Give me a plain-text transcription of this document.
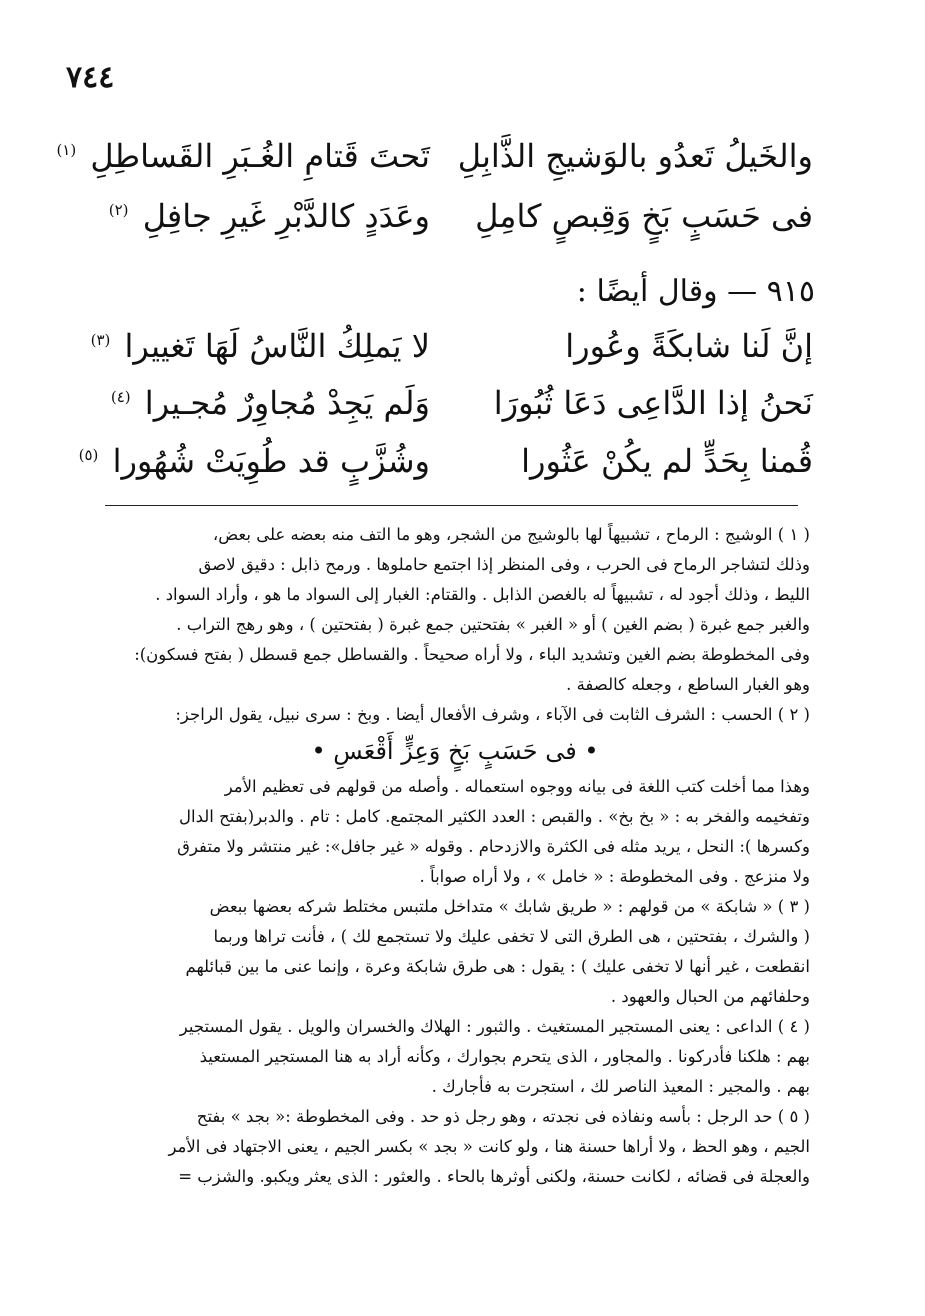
٧٤٤
والخَيلُ تَعدُو بالوَشيجِ الذَّابِلِ
تَحتَ قَتامِ الغُـبَرِ القَساطِلِ $^{(١)}$
فى حَسَبٍ بَخٍ وَقِبصٍ كامِلِ
وعَدَدٍ كالدَّبْرِ غَيرِ جافِلِ $^{(٢)}$
٩١٥ — وقال أيضًا :
إنَّ لَنا شابكَةً وعُورا
لا يَملِكُ النَّاسُ لَهَا تَغييرا $^{(٣)}$
نَحنُ إذا الدَّاعِى دَعَا ثُبُورَا
وَلَم يَجِدْ مُجاوِرٌ مُجـيرا $^{(٤)}$
قُمنا بِحَدٍّ لم يكُنْ عَثُورا
وشُزَّبٍ قد طُوِيَتْ شُهُورا $^{(٥)}$

( ١ ) الوشيج : الرماح ، تشبيهاً لها بالوشيج من الشجر، وهو ما التف منه بعضه على بعض،

وذلك لتشاجر الرماح فى الحرب ، وفى المنظر إذا اجتمع حاملوها . ورمح ذابل : دقيق لاصق

الليط ، وذلك أجود له ، تشبيهاً له بالغصن الذابل . والقتام: الغبار إلى السواد ما هو ، وأراد السواد .

والغبر جمع غبرة ( بضم الغين ) أو « الغبر » بفتحتين جمع غبرة ( بفتحتين ) ، وهو رهج التراب .

وفى المخطوطة بضم الغين وتشديد الباء ، ولا أراه صحيحاً . والقساطل جمع قسطل ( بفتح فسكون):

وهو الغبار الساطع ، وجعله كالصفة .

( ٢ ) الحسب : الشرف الثابت فى الآباء ، وشرف الأفعال أيضا . وبخ : سرى نبيل، يقول الراجز:

• فى حَسَبٍ بَخٍ وَعِزٍّ أَقْعَسِ •

وهذا مما أخلت كتب اللغة فى بيانه ووجوه استعماله . وأصله من قولهم فى تعظيم الأمر

وتفخيمه والفخر به : « بخ بخ» . والقبص : العدد الكثير المجتمع. كامل : تام . والدبر(بفتح الدال

وكسرها ): النحل ، يريد مثله فى الكثرة والازدحام . وقوله « غير جافل»: غير منتشر ولا متفرق

ولا منزعج . وفى المخطوطة : « خامل » ، ولا أراه صواباً .

( ٣ ) « شابكة » من قولهم : « طريق شابك » متداخل ملتبس مختلط شركه بعضها ببعض

( والشرك ، بفتحتين ، هى الطرق التى لا تخفى عليك ولا تستجمع لك ) ، فأنت تراها وربما

انقطعت ، غير أنها لا تخفى عليك ) : يقول : هى طرق شابكة وعرة ، وإنما عنى ما بين قبائلهم

وحلفائهم من الحبال والعهود .

( ٤ ) الداعى : يعنى المستجير المستغيث . والثبور : الهلاك والخسران والويل . يقول المستجير

بهم : هلكنا فأدركونا . والمجاور ، الذى يتحرم بجوارك ، وكأنه أراد به هنا المستجير المستعيذ

بهم . والمجير : المعيذ الناصر لك ، استجرت به فأجارك .

( ٥ ) حد الرجل : بأسه ونفاذه فى نجدته ، وهو رجل ذو حد . وفى المخطوطة :« بجد » بفتح

الجيم ، وهو الحظ ، ولا أراها حسنة هنا ، ولو كانت « بجد » بكسر الجيم ، يعنى الاجتهاد فى الأمر

والعجلة فى قضائه ، لكانت حسنة، ولكنى أوثرها بالحاء . والعثور : الذى يعثر ويكبو. والشزب =
